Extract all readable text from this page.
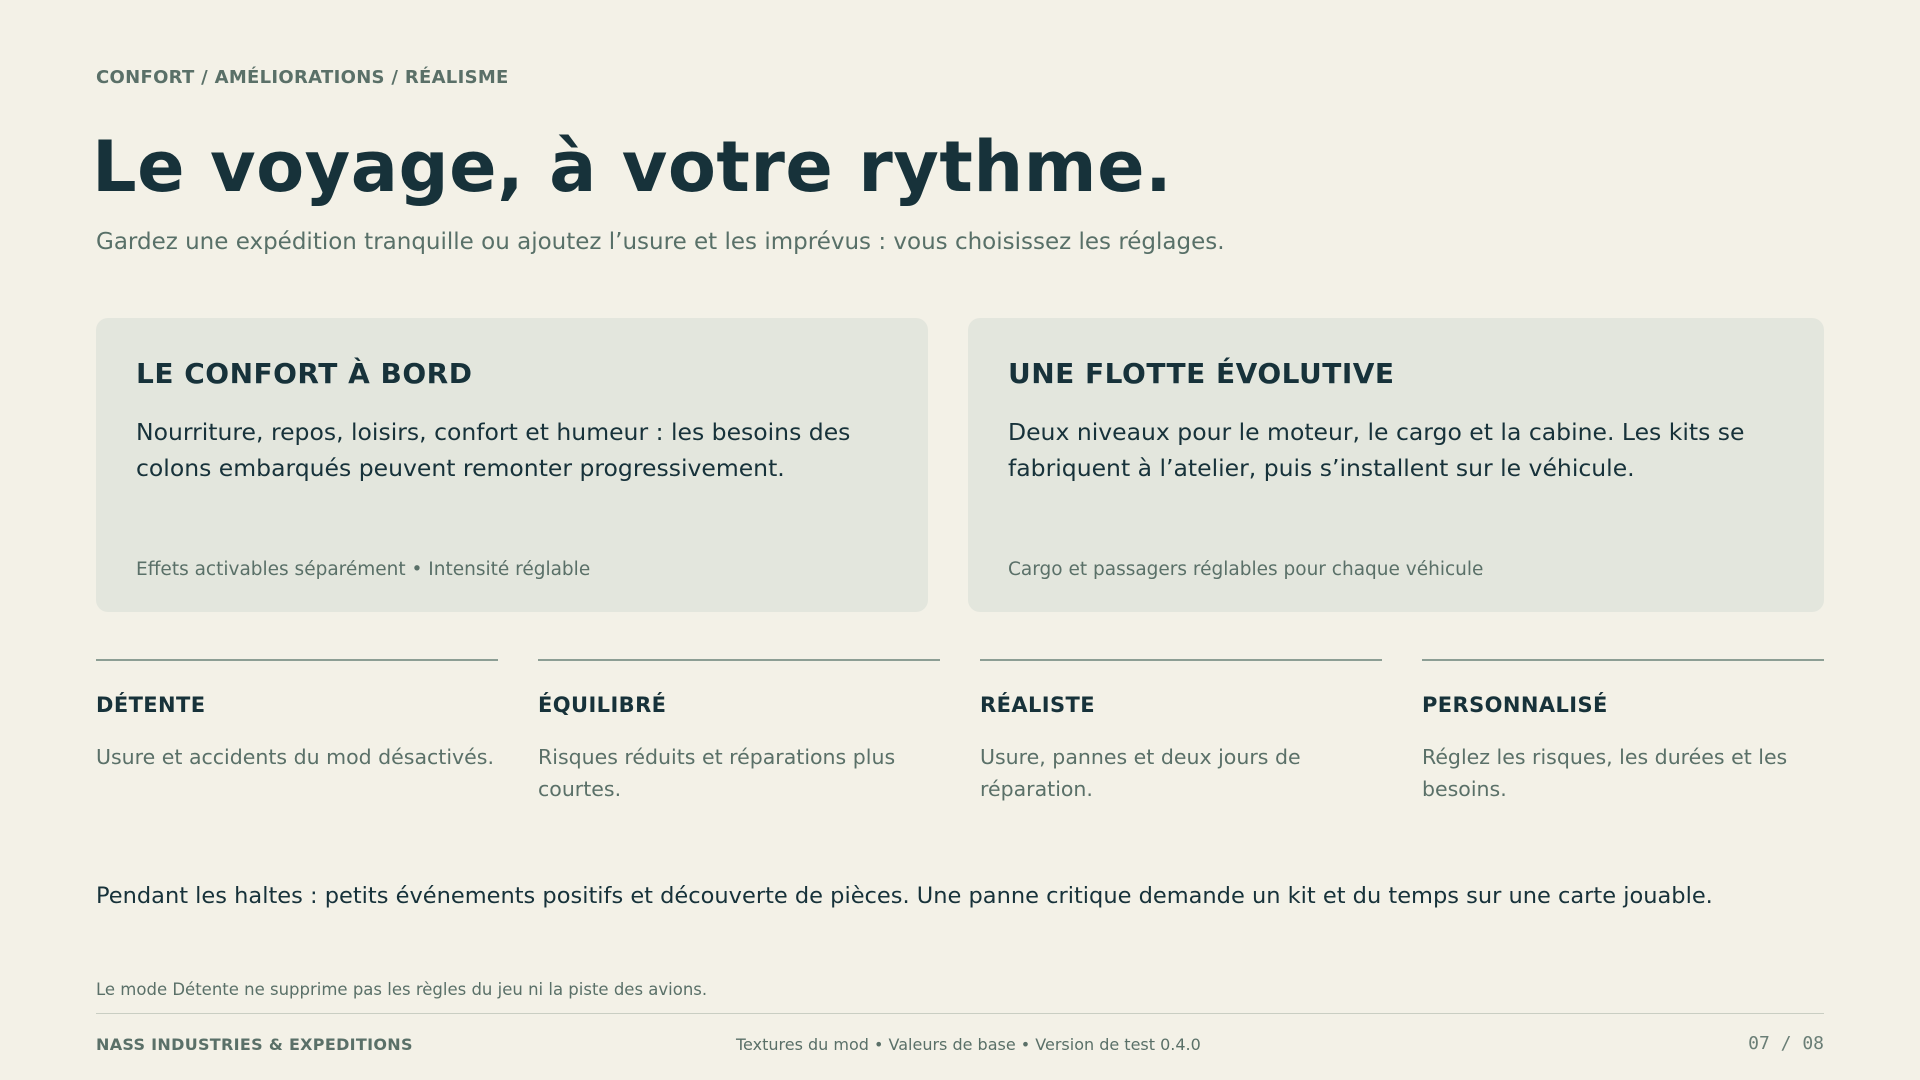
CONFORT / AMÉLIORATIONS / RÉALISME
Le voyage, à votre rythme.

Gardez une expédition tranquille ou ajoutez l’usure et les imprévus : vous choisissez les réglages.

LE CONFORT À BORD
Nourriture, repos, loisirs, confort et humeur : les besoins des colons embarqués peuvent remonter progressivement.
Effets activables séparément • Intensité réglable
UNE FLOTTE ÉVOLUTIVE
Deux niveaux pour le moteur, le cargo et la cabine. Les kits se fabriquent à l’atelier, puis s’installent sur le véhicule.
Cargo et passagers réglables pour chaque véhicule
DÉTENTE
Usure et accidents du mod désactivés.
ÉQUILIBRÉ
Risques réduits et réparations plus courtes.
RÉALISTE
Usure, pannes et deux jours de réparation.
PERSONNALISÉ
Réglez les risques, les durées et les besoins.

Pendant les haltes : petits événements positifs et découverte de pièces. Une panne critique demande un kit et du temps sur une carte jouable.

Le mode Détente ne supprime pas les règles du jeu ni la piste des avions.

NASS INDUSTRIES & EXPEDITIONS	Textures du mod • Valeurs de base • Version de test 0.4.0	07 / 08
